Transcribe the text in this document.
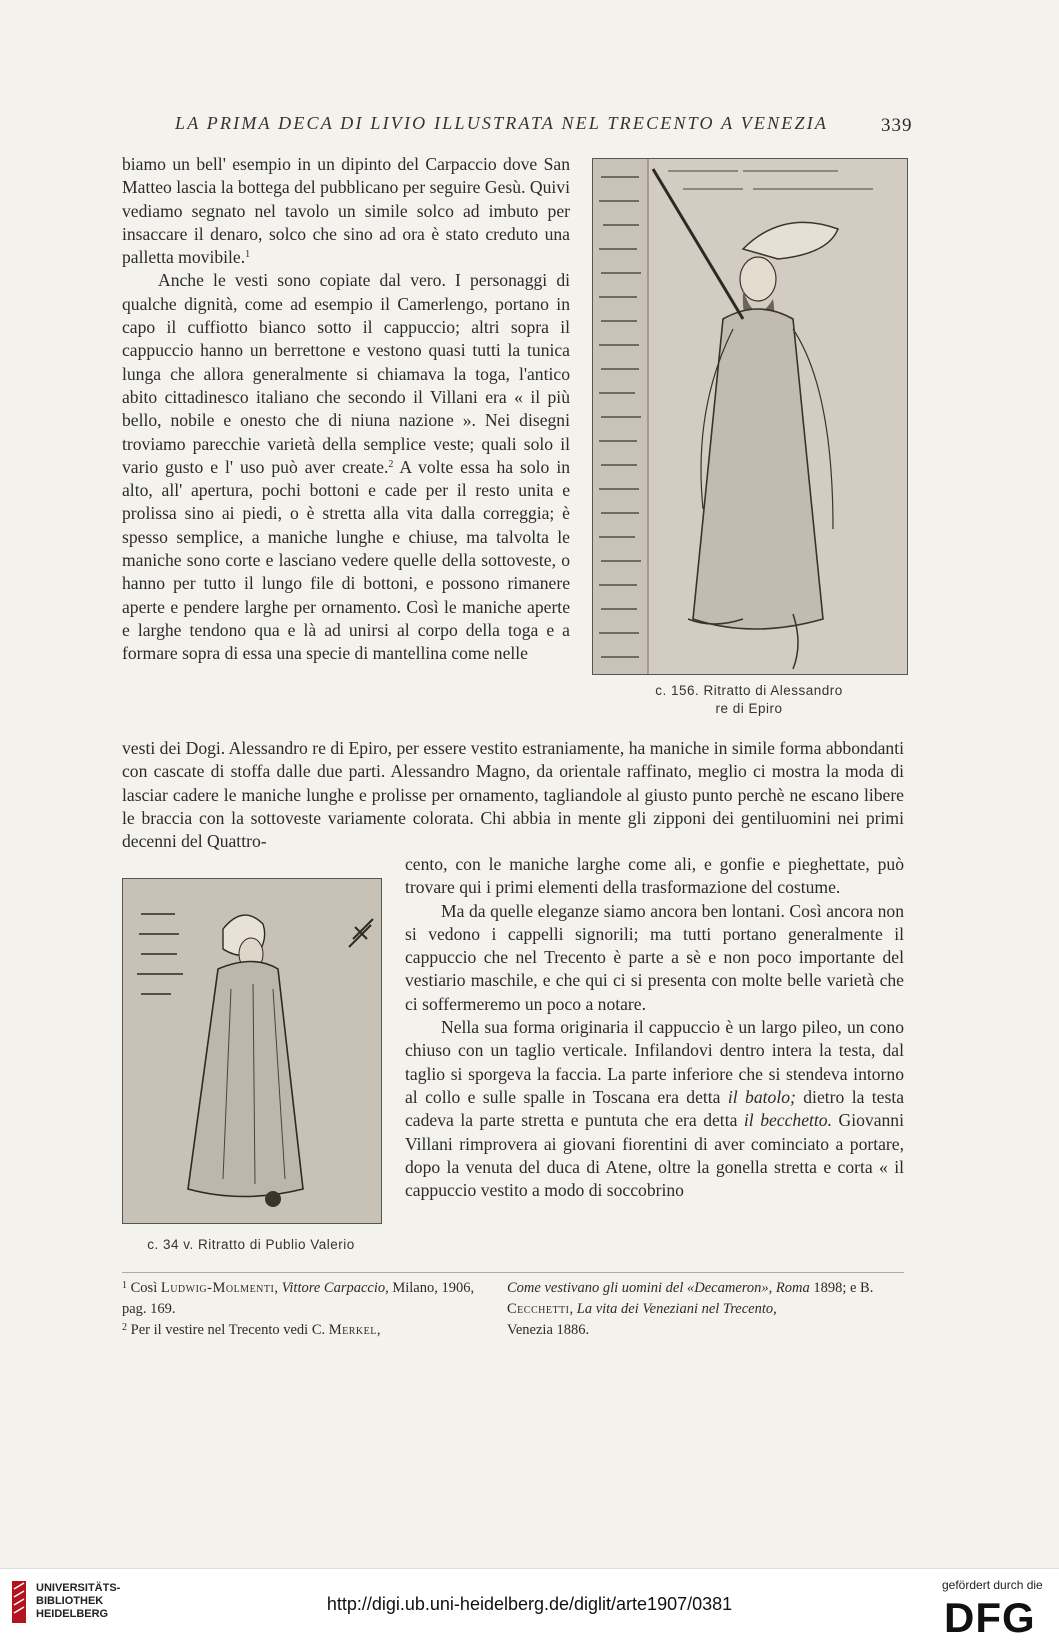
LA PRIMA DECA DI LIVIO ILLUSTRATA NEL TRECENTO A VENEZIA	339

biamo un bell' esempio in un dipinto del Carpaccio dove San Matteo lascia la bottega del pubblicano per seguire Gesù. Quivi vediamo segnato nel tavolo un simile solco ad imbuto per insaccare il denaro, solco che sino ad ora è stato creduto una palletta movibile.$^1$

Anche le vesti sono copiate dal vero. I personaggi di qualche dignità, come ad esempio il Camerlengo, portano in capo il cuffiotto bianco sotto il cappuccio; altri sopra il cappuccio hanno un berrettone e vestono quasi tutti la tunica lunga che allora generalmente si chiamava la toga, l'antico abito cittadinesco italiano che secondo il Villani era « il più bello, nobile e onesto che di niuna nazione ». Nei disegni troviamo parecchie varietà della semplice veste; quali solo il vario gusto e l' uso può aver create.$^2$ A volte essa ha solo in alto, all' apertura, pochi bottoni e cade per il resto unita e prolissa sino ai piedi, o è stretta alla vita dalla correggia; è spesso semplice, a maniche lunghe e chiuse, ma talvolta le maniche sono corte e lasciano vedere quelle della sottoveste, o hanno per tutto il lungo file di bottoni, e possono rimanere aperte e pendere larghe per ornamento. Così le maniche aperte e larghe tendono qua e là ad unirsi al corpo della toga e a formare sopra di essa una specie di mantellina come nelle

vesti dei Dogi. Alessandro re di Epiro, per essere vestito estraniamente, ha maniche in simile forma abbondanti con cascate di stoffa dalle due parti. Alessandro Magno, da orientale raffinato, meglio ci mostra la moda di lasciar cadere le maniche lunghe e prolisse per ornamento, tagliandole al giusto punto perchè ne escano libere le braccia con la sottoveste variamente colorata. Chi abbia in mente gli zipponi dei gentiluomini nei primi decenni del Quattro-

cento, con le maniche larghe come ali, e gonfie e pieghettate, può trovare qui i primi elementi della trasformazione del costume.

Ma da quelle eleganze siamo ancora ben lontani. Così ancora non si vedono i cappelli signorili; ma tutti portano generalmente il cappuccio che nel Trecento è parte a sè e non poco importante del vestiario maschile, e che qui ci si presenta con molte belle varietà che ci soffermeremo un poco a notare.

Nella sua forma originaria il cappuccio è un largo pileo, un cono chiuso con un taglio verticale. Infilandovi dentro intera la testa, dal taglio si sporgeva la faccia. La parte inferiore che si stendeva intorno al collo e sulle spalle in Toscana era detta il batolo; dietro la testa cadeva la parte stretta e puntuta che era detta il becchetto. Giovanni Villani rimprovera ai giovani fiorentini di aver cominciato a portare, dopo la venuta del duca di Atene, oltre la gonella stretta e corta « il cappuccio vestito a modo di soccobrino

c. 156. Ritratto di Alessandro
re di Epiro
c. 34 v. Ritratto di Publio Valerio
$^1$ Così Ludwig-Molmenti, Vittore Carpaccio, Milano, 1906, pag. 169.
$^2$ Per il vestire nel Trecento vedi C. Merkel,
Come vestivano gli uomini del «Decameron», Roma 1898; e B. Cecchetti, La vita dei Veneziani nel Trecento,
Venezia 1886.
UNIVERSITÄTS-
BIBLIOTHEK
HEIDELBERG	http://digi.ub.uni-heidelberg.de/diglit/arte1907/0381
gefördert durch die
DFG
